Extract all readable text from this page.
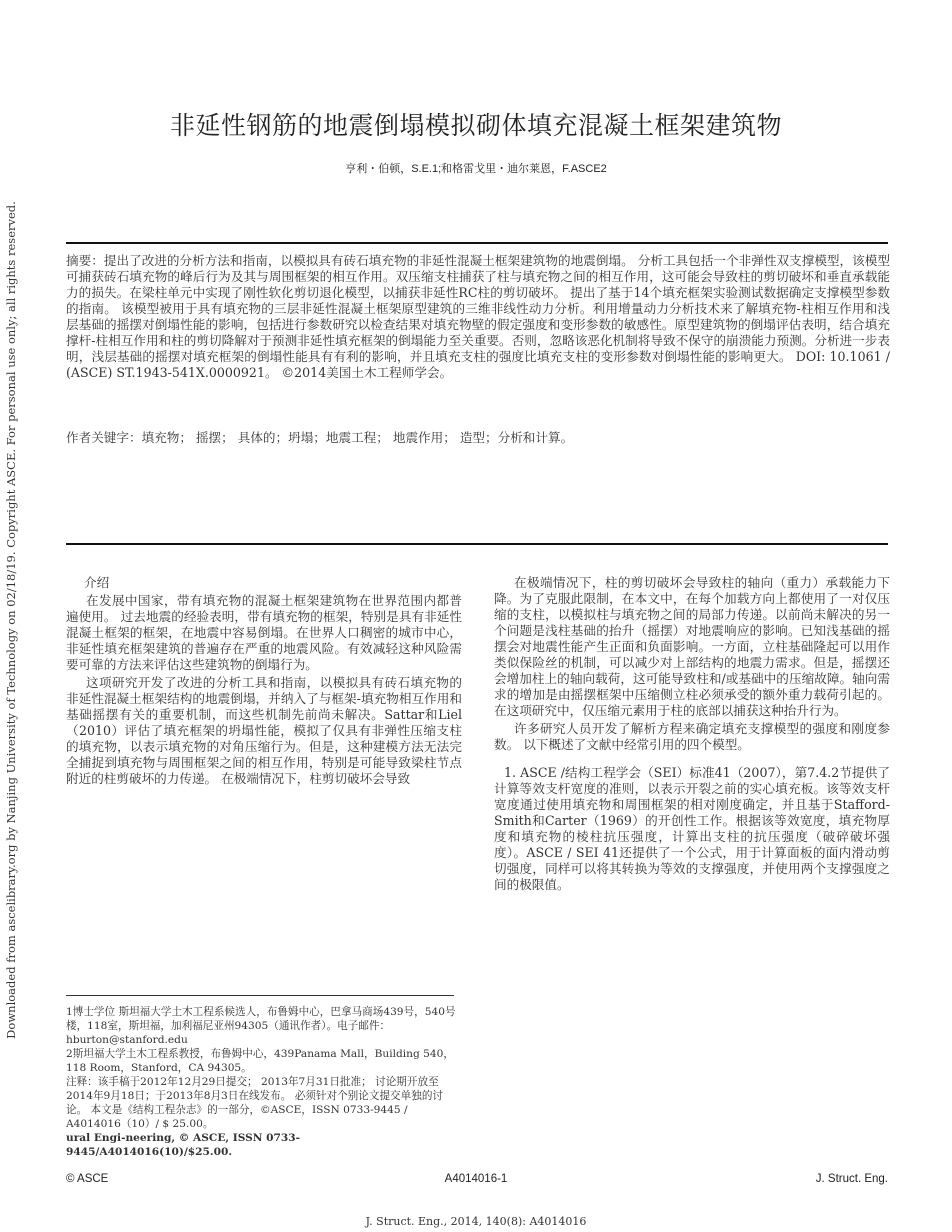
Downloaded from ascelibrary.org by Nanjing University of Technology on 02/18/19. Copyright ASCE. For personal use only; all rights reserved.
非延性钢筋的地震倒塌模拟砌体填充混凝土框架建筑物
亨利・伯顿，S.E.1;和格雷戈里・迪尔莱恩，F.ASCE2

摘要：提出了改进的分析方法和指南，以模拟具有砖石填充物的非延性混凝土框架建筑物的地震倒塌。 分析工具包括一个非弹性双支撑模型，该模型可捕获砖石填充物的峰后行为及其与周围框架的相互作用。双压缩支柱捕获了柱与填充物之间的相互作用，这可能会导致柱的剪切破坏和垂直承载能力的损失。在梁柱单元中实现了刚性软化剪切退化模型，以捕获非延性RC柱的剪切破坏。 提出了基于14个填充框架实验测试数据确定支撑模型参数的指南。 该模型被用于具有填充物的三层非延性混凝土框架原型建筑的三维非线性动力分析。利用增量动力分析技术来了解填充物-柱相互作用和浅层基础的摇摆对倒塌性能的影响，包括进行参数研究以检查结果对填充物壁的假定强度和变形参数的敏感性。原型建筑物的倒塌评估表明，结合填充撑杆-柱相互作用和柱的剪切降解对于预测非延性填充框架的倒塌能力至关重要。否则，忽略该恶化机制将导致不保守的崩溃能力预测。分析进一步表明，浅层基础的摇摆对填充框架的倒塌性能具有有利的影响，并且填充支柱的强度比填充支柱的变形参数对倒塌性能的影响更大。 DOI: 10.1061 / (ASCE) ST.1943-541X.0000921。 ©2014美国土木工程师学会。

作者关键字：填充物； 摇摆； 具体的；坍塌；地震工程； 地震作用； 造型；分析和计算。

介绍

在发展中国家，带有填充物的混凝土框架建筑物在世界范围内都普遍使用。 过去地震的经验表明，带有填充物的框架，特别是具有非延性混凝土框架的框架，在地震中容易倒塌。在世界人口稠密的城市中心，非延性填充框架建筑的普遍存在严重的地震风险。有效减轻这种风险需要可靠的方法来评估这些建筑物的倒塌行为。

这项研究开发了改进的分析工具和指南，以模拟具有砖石填充物的非延性混凝土框架结构的地震倒塌，并纳入了与框架-填充物相互作用和基础摇摆有关的重要机制，而这些机制先前尚未解决。Sattar和Liel（2010）评估了填充框架的坍塌性能，模拟了仅具有非弹性压缩支柱的填充物，以表示填充物的对角压缩行为。但是，这种建模方法无法完全捕捉到填充物与周围框架之间的相互作用，特别是可能导致梁柱节点附近的柱剪破坏的力传递。 在极端情况下，柱剪切破坏会导致

在极端情况下，柱的剪切破坏会导致柱的轴向（重力）承载能力下降。为了克服此限制，在本文中，在每个加载方向上都使用了一对仅压缩的支柱，以模拟柱与填充物之间的局部力传递。以前尚未解决的另一个问题是浅柱基础的抬升（摇摆）对地震响应的影响。已知浅基础的摇摆会对地震性能产生正面和负面影响。一方面，立柱基础隆起可以用作类似保险丝的机制，可以减少对上部结构的地震力需求。但是，摇摆还会增加柱上的轴向载荷，这可能导致柱和/或基础中的压缩故障。轴向需求的增加是由摇摆框架中压缩侧立柱必须承受的额外重力载荷引起的。 在这项研究中，仅压缩元素用于柱的底部以捕获这种抬升行为。

许多研究人员开发了解析方程来确定填充支撑模型的强度和刚度参数。 以下概述了文献中经常引用的四个模型。

1. ASCE /结构工程学会（SEI）标准41（2007），第7.4.2节提供了计算等效支杆宽度的准则，以表示开裂之前的实心填充板。该等效支杆宽度通过使用填充物和周围框架的相对刚度确定，并且基于Stafford-Smith和Carter（1969）的开创性工作。根据该等效宽度，填充物厚度和填充物的棱柱抗压强度，计算出支柱的抗压强度（破碎破坏强度）。ASCE / SEI 41还提供了一个公式，用于计算面板的面内滑动剪切强度，同样可以将其转换为等效的支撑强度，并使用两个支撑强度之间的极限值。

1博士学位 斯坦福大学土木工程系候选人，布鲁姆中心，巴拿马商场439号，540号楼，118室，斯坦福，加利福尼亚州94305（通讯作者）。电子邮件：hburton@stanford.edu

2斯坦福大学土木工程系教授，布鲁姆中心，439Panama Mall，Building 540，118 Room，Stanford，CA 94305。

注释：该手稿于2012年12月29日提交； 2013年7月31日批准； 讨论期开放至2014年9月18日；于2013年8月3日在线发布。 必须针对个别论文提交单独的讨论。 本文是《结构工程杂志》的一部分，©ASCE，ISSN 0733-9445 / A4014016（10）/ $ 25.00。

ural Engi-neering, © ASCE, ISSN 0733-9445/A4014016(10)/$25.00.

© ASCE	A4014016-1	J. Struct. Eng.
J. Struct. Eng., 2014, 140(8): A4014016
